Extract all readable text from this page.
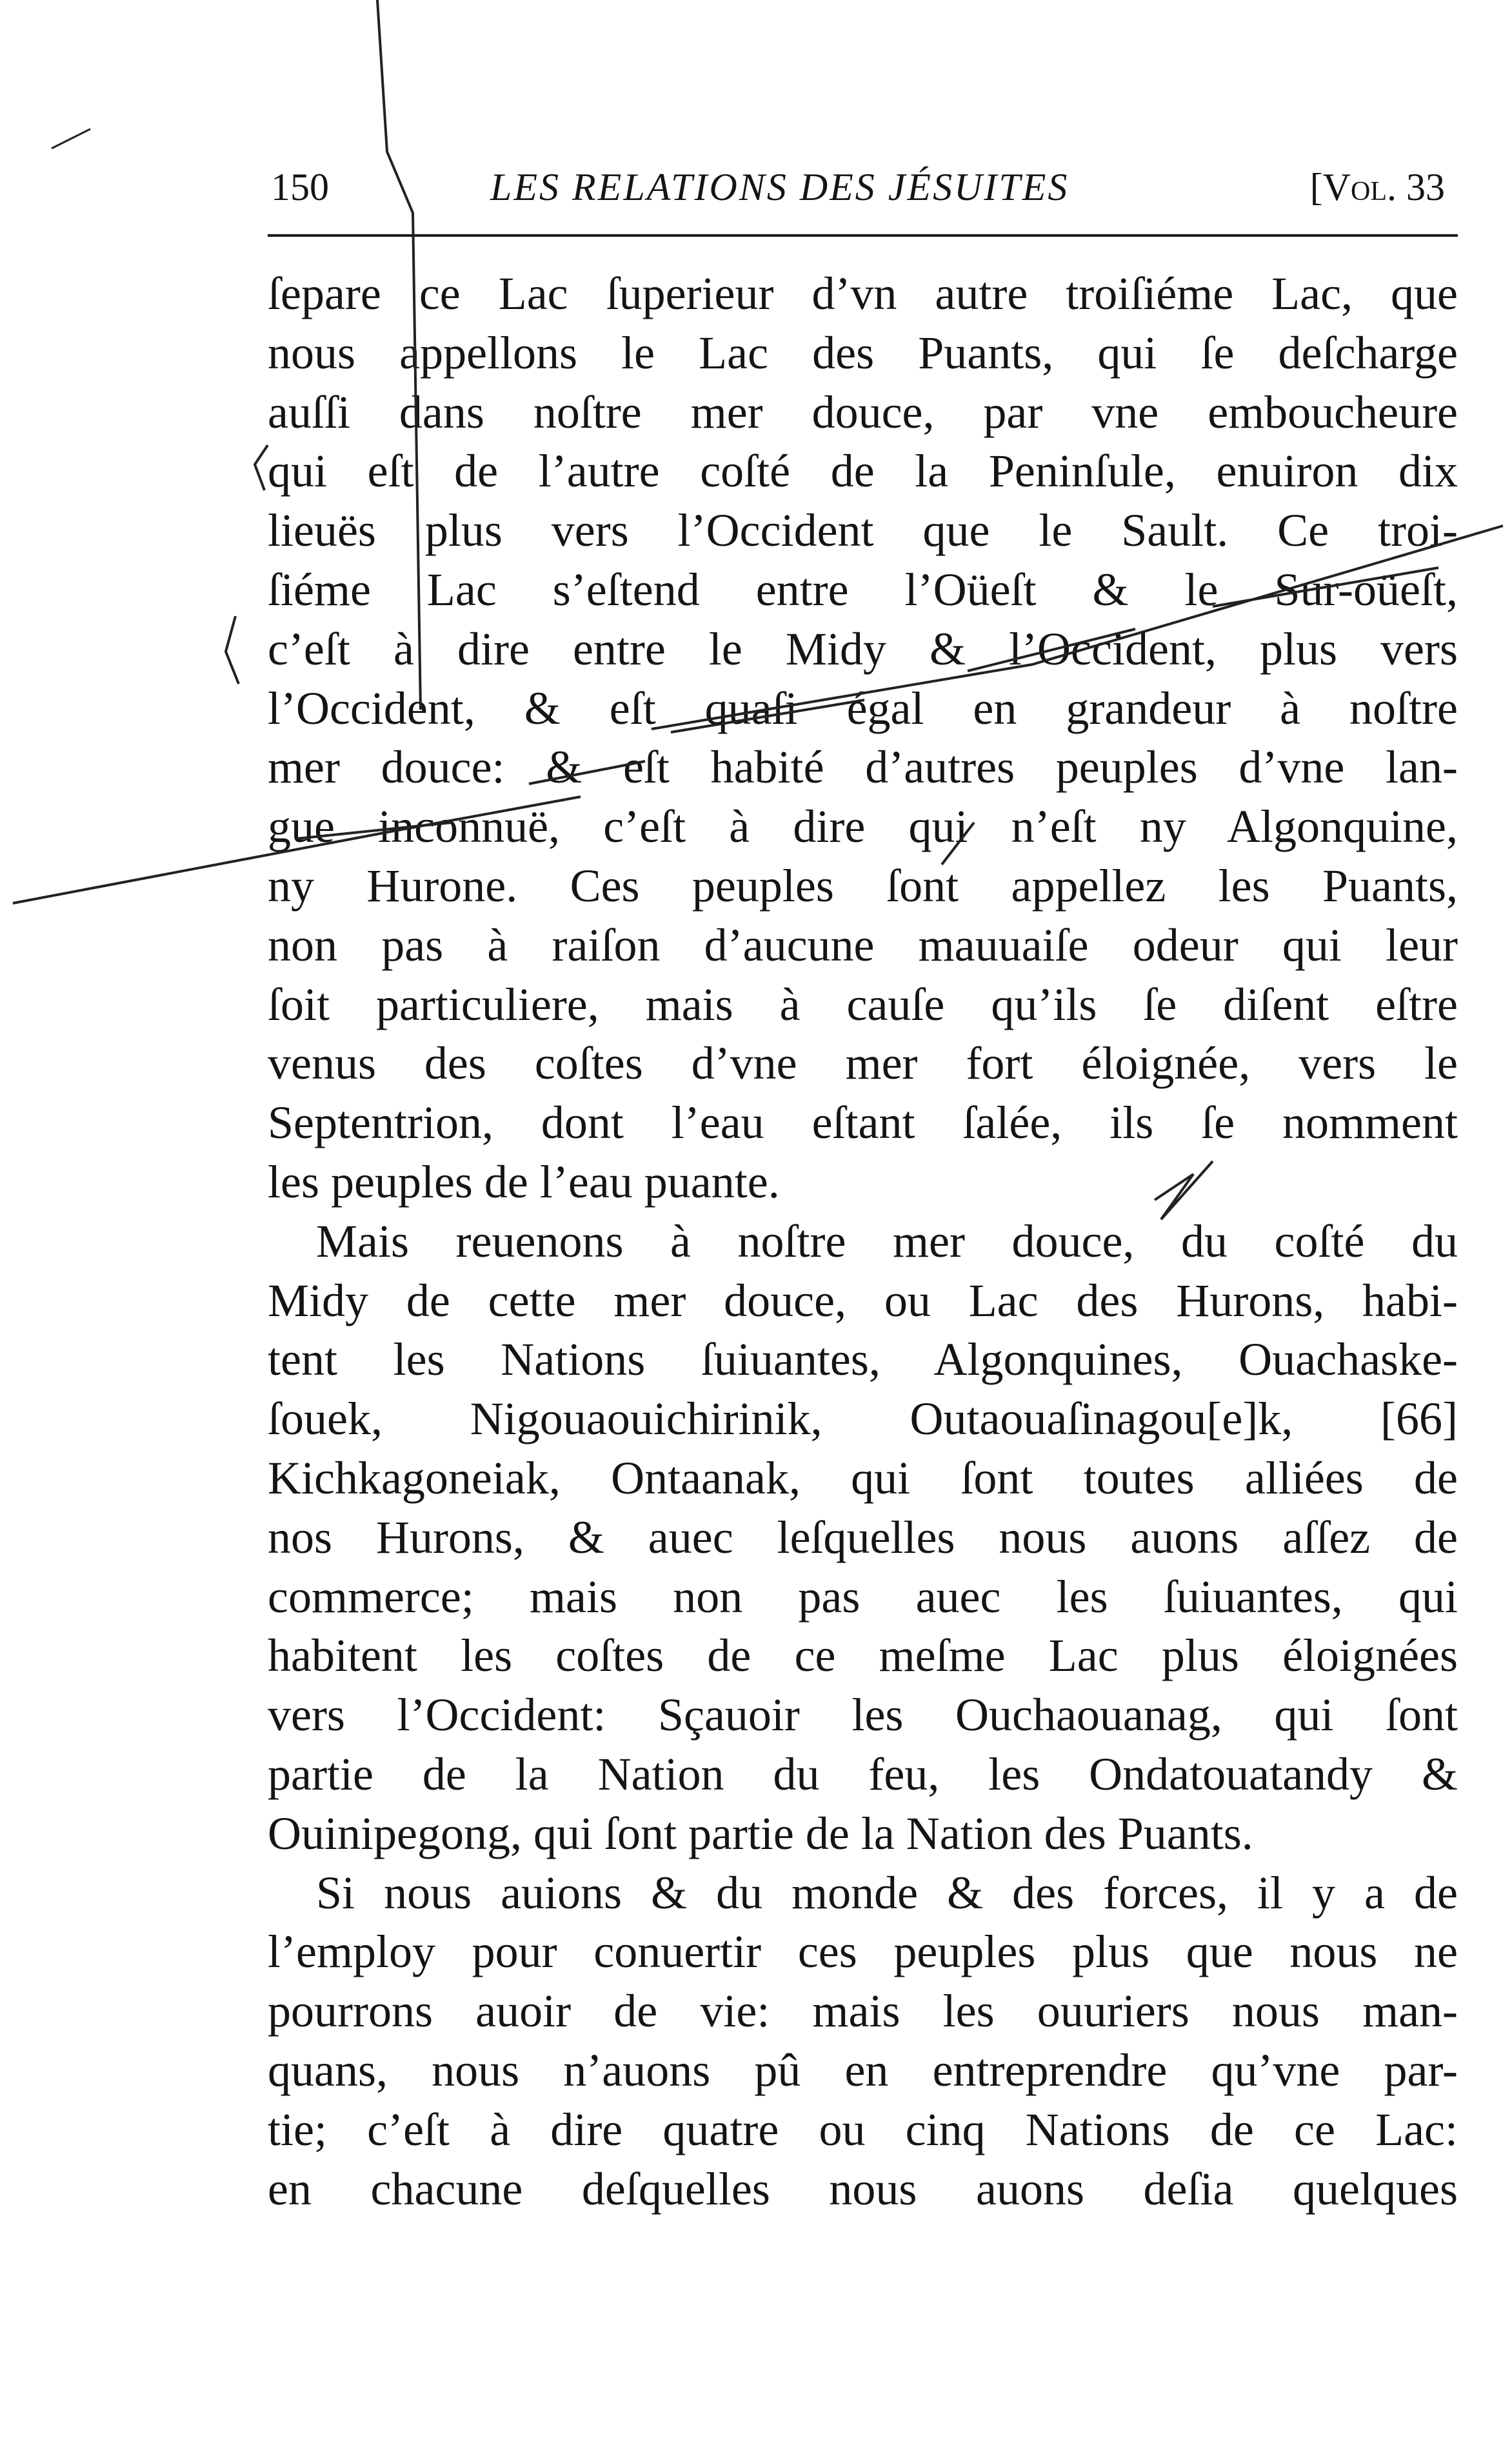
150	LES RELATIONS DES JÉSUITES	[Vol. 33
ſepare ce Lac ſuperieur d’vn autre troiſiéme Lac, que
nous appellons le Lac des Puants, qui ſe deſcharge
auſſi dans noſtre mer douce, par vne emboucheure
qui eſt de l’autre coſté de la Peninſule, enuiron dix
lieuës plus vers l’Occident que le Sault. Ce troi-
ſiéme Lac s’eſtend entre l’Oüeſt & le Sur-oüeſt,
c’eſt à dire entre le Midy & l’Occident, plus vers
l’Occident, & eſt quaſi égal en grandeur à noſtre
mer douce: & eſt habité d’autres peuples d’vne lan-
gue inconnuë, c’eſt à dire qui n’eſt ny Algonquine,
ny Hurone. Ces peuples ſont appellez les Puants,
non pas à raiſon d’aucune mauuaiſe odeur qui leur
ſoit particuliere, mais à cauſe qu’ils ſe diſent eſtre
venus des coſtes d’vne mer fort éloignée, vers le
Septentrion, dont l’eau eſtant ſalée, ils ſe nomment
les peuples de l’eau puante.
Mais reuenons à noſtre mer douce, du coſté du
Midy de cette mer douce, ou Lac des Hurons, habi-
tent les Nations ſuiuantes, Algonquines, Ouachaske-
ſouek, Nigouaouichirinik, Outaouaſinagou[e]k, [66]
Kichkagoneiak, Ontaanak, qui ſont toutes alliées de
nos Hurons, & auec leſquelles nous auons aſſez de
commerce; mais non pas auec les ſuiuantes, qui
habitent les coſtes de ce meſme Lac plus éloignées
vers l’Occident: Sçauoir les Ouchaouanag, qui ſont
partie de la Nation du feu, les Ondatouatandy &
Ouinipegong, qui ſont partie de la Nation des Puants.
Si nous auions & du monde & des forces, il y a de
l’employ pour conuertir ces peuples plus que nous ne
pourrons auoir de vie: mais les ouuriers nous man-
quans, nous n’auons pû en entreprendre qu’vne par-
tie; c’eſt à dire quatre ou cinq Nations de ce Lac:
en chacune deſquelles nous auons deſia quelques
